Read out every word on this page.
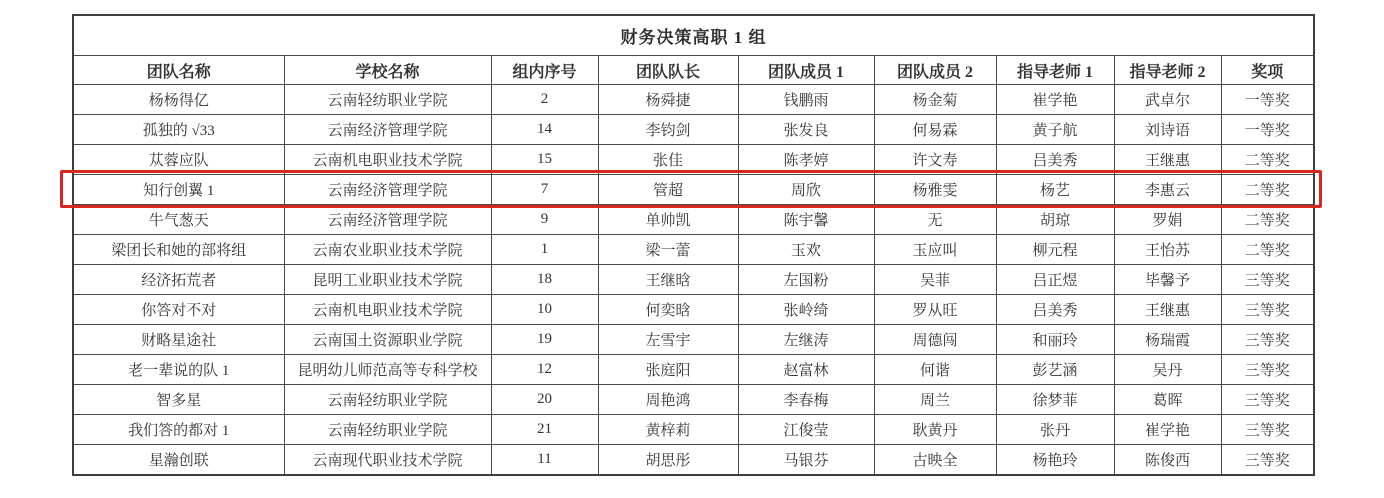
财务决策高职 1 组								
团队名称	学校名称	组内序号	团队队长	团队成员 1	团队成员 2	指导老师 1	指导老师 2	奖项
杨杨得亿	云南轻纺职业学院	2	杨舜捷	钱鹏雨	杨金菊	崔学艳	武卓尔	一等奖
孤独的 √33	云南经济管理学院	14	李钧剑	张发良	何易霖	黄子航	刘诗语	一等奖
苁蓉应队	云南机电职业技术学院	15	张佳	陈孝婷	许文寿	吕美秀	王继惠	二等奖
知行创翼 1	云南经济管理学院	7	管超	周欣	杨雅雯	杨艺	李惠云	二等奖
牛气葱天	云南经济管理学院	9	单帅凯	陈宇馨	无	胡琼	罗娟	二等奖
梁团长和她的部将组	云南农业职业技术学院	1	梁一蕾	玉欢	玉应叫	柳元程	王怡苏	二等奖
经济拓荒者	昆明工业职业技术学院	18	王继晗	左国粉	吴菲	吕正煜	毕馨予	三等奖
你答对不对	云南机电职业技术学院	10	何奕晗	张岭绮	罗从旺	吕美秀	王继惠	三等奖
财略星途社	云南国土资源职业学院	19	左雪宇	左继涛	周德闯	和丽玲	杨瑞霞	三等奖
老一辈说的队 1	昆明幼儿师范高等专科学校	12	张庭阳	赵富林	何谐	彭艺涵	吴丹	三等奖
智多星	云南轻纺职业学院	20	周艳鸿	李春梅	周兰	徐梦菲	葛晖	三等奖
我们答的都对 1	云南轻纺职业学院	21	黄梓莉	江俊莹	耿黄丹	张丹	崔学艳	三等奖
星瀚创联	云南现代职业技术学院	11	胡思彤	马银芬	古映全	杨艳玲	陈俊西	三等奖
